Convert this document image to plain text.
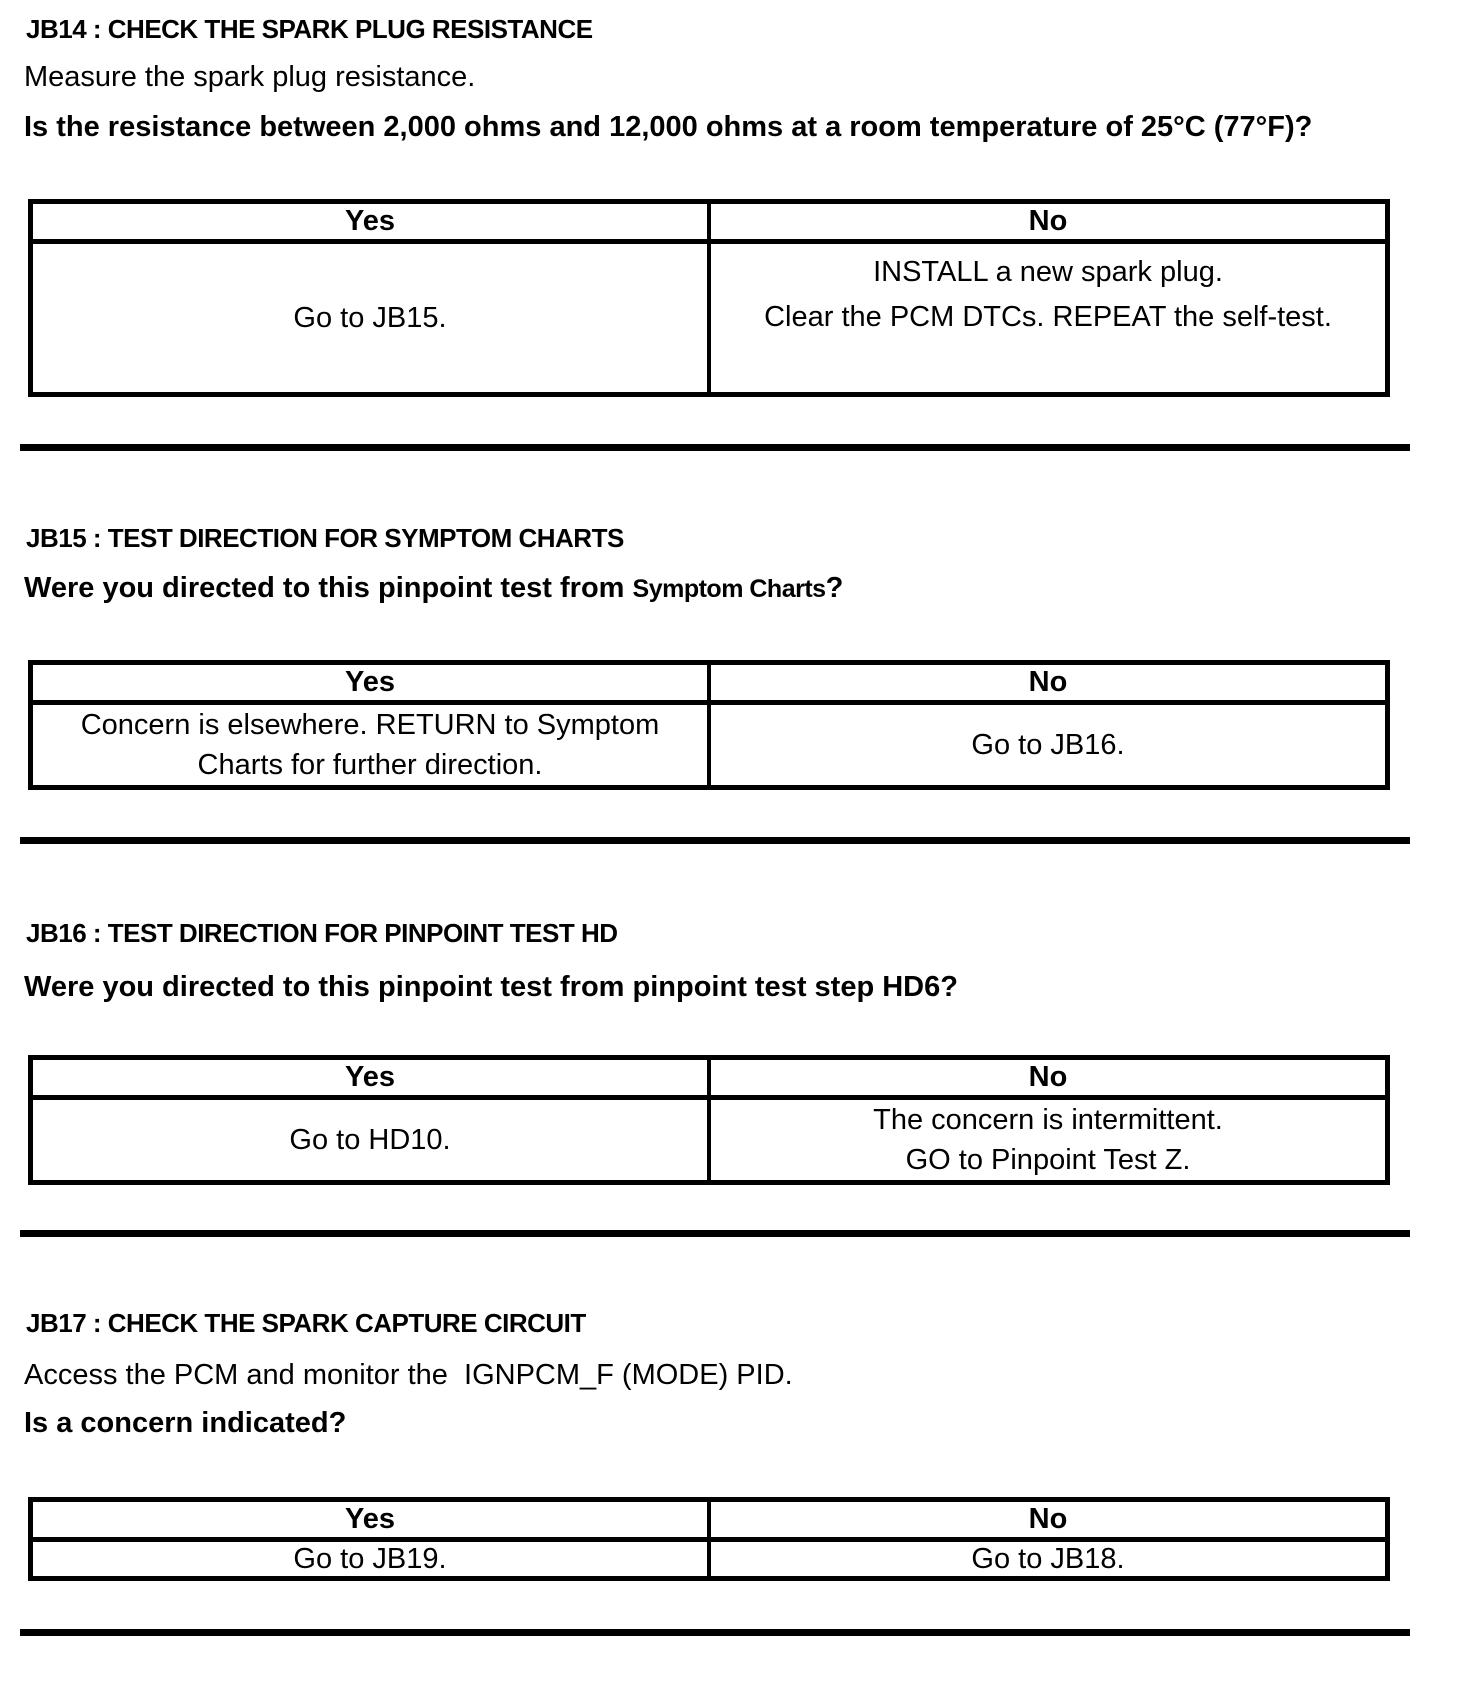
JB14 : CHECK THE SPARK PLUG RESISTANCE

Measure the spark plug resistance.

Is the resistance between 2,000 ohms and 12,000 ohms at a room temperature of 25°C (77°F)?

Yes	No

Go to JB15.	INSTALL a new spark plug.
Clear the PCM DTCs. REPEAT the self-test.
JB15 : TEST DIRECTION FOR SYMPTOM CHARTS

Were you directed to this pinpoint test from Symptom Charts?

Yes	No

Concern is elsewhere. RETURN to Symptom
Charts for further direction.	Go to JB16.
JB16 : TEST DIRECTION FOR PINPOINT TEST HD

Were you directed to this pinpoint test from pinpoint test step HD6?

Yes	No

Go to HD10.	The concern is intermittent.
GO to Pinpoint Test Z.
JB17 : CHECK THE SPARK CAPTURE CIRCUIT

Access the PCM and monitor the  IGNPCM_F (MODE) PID.

Is a concern indicated?

Yes	No

Go to JB19.	Go to JB18.
